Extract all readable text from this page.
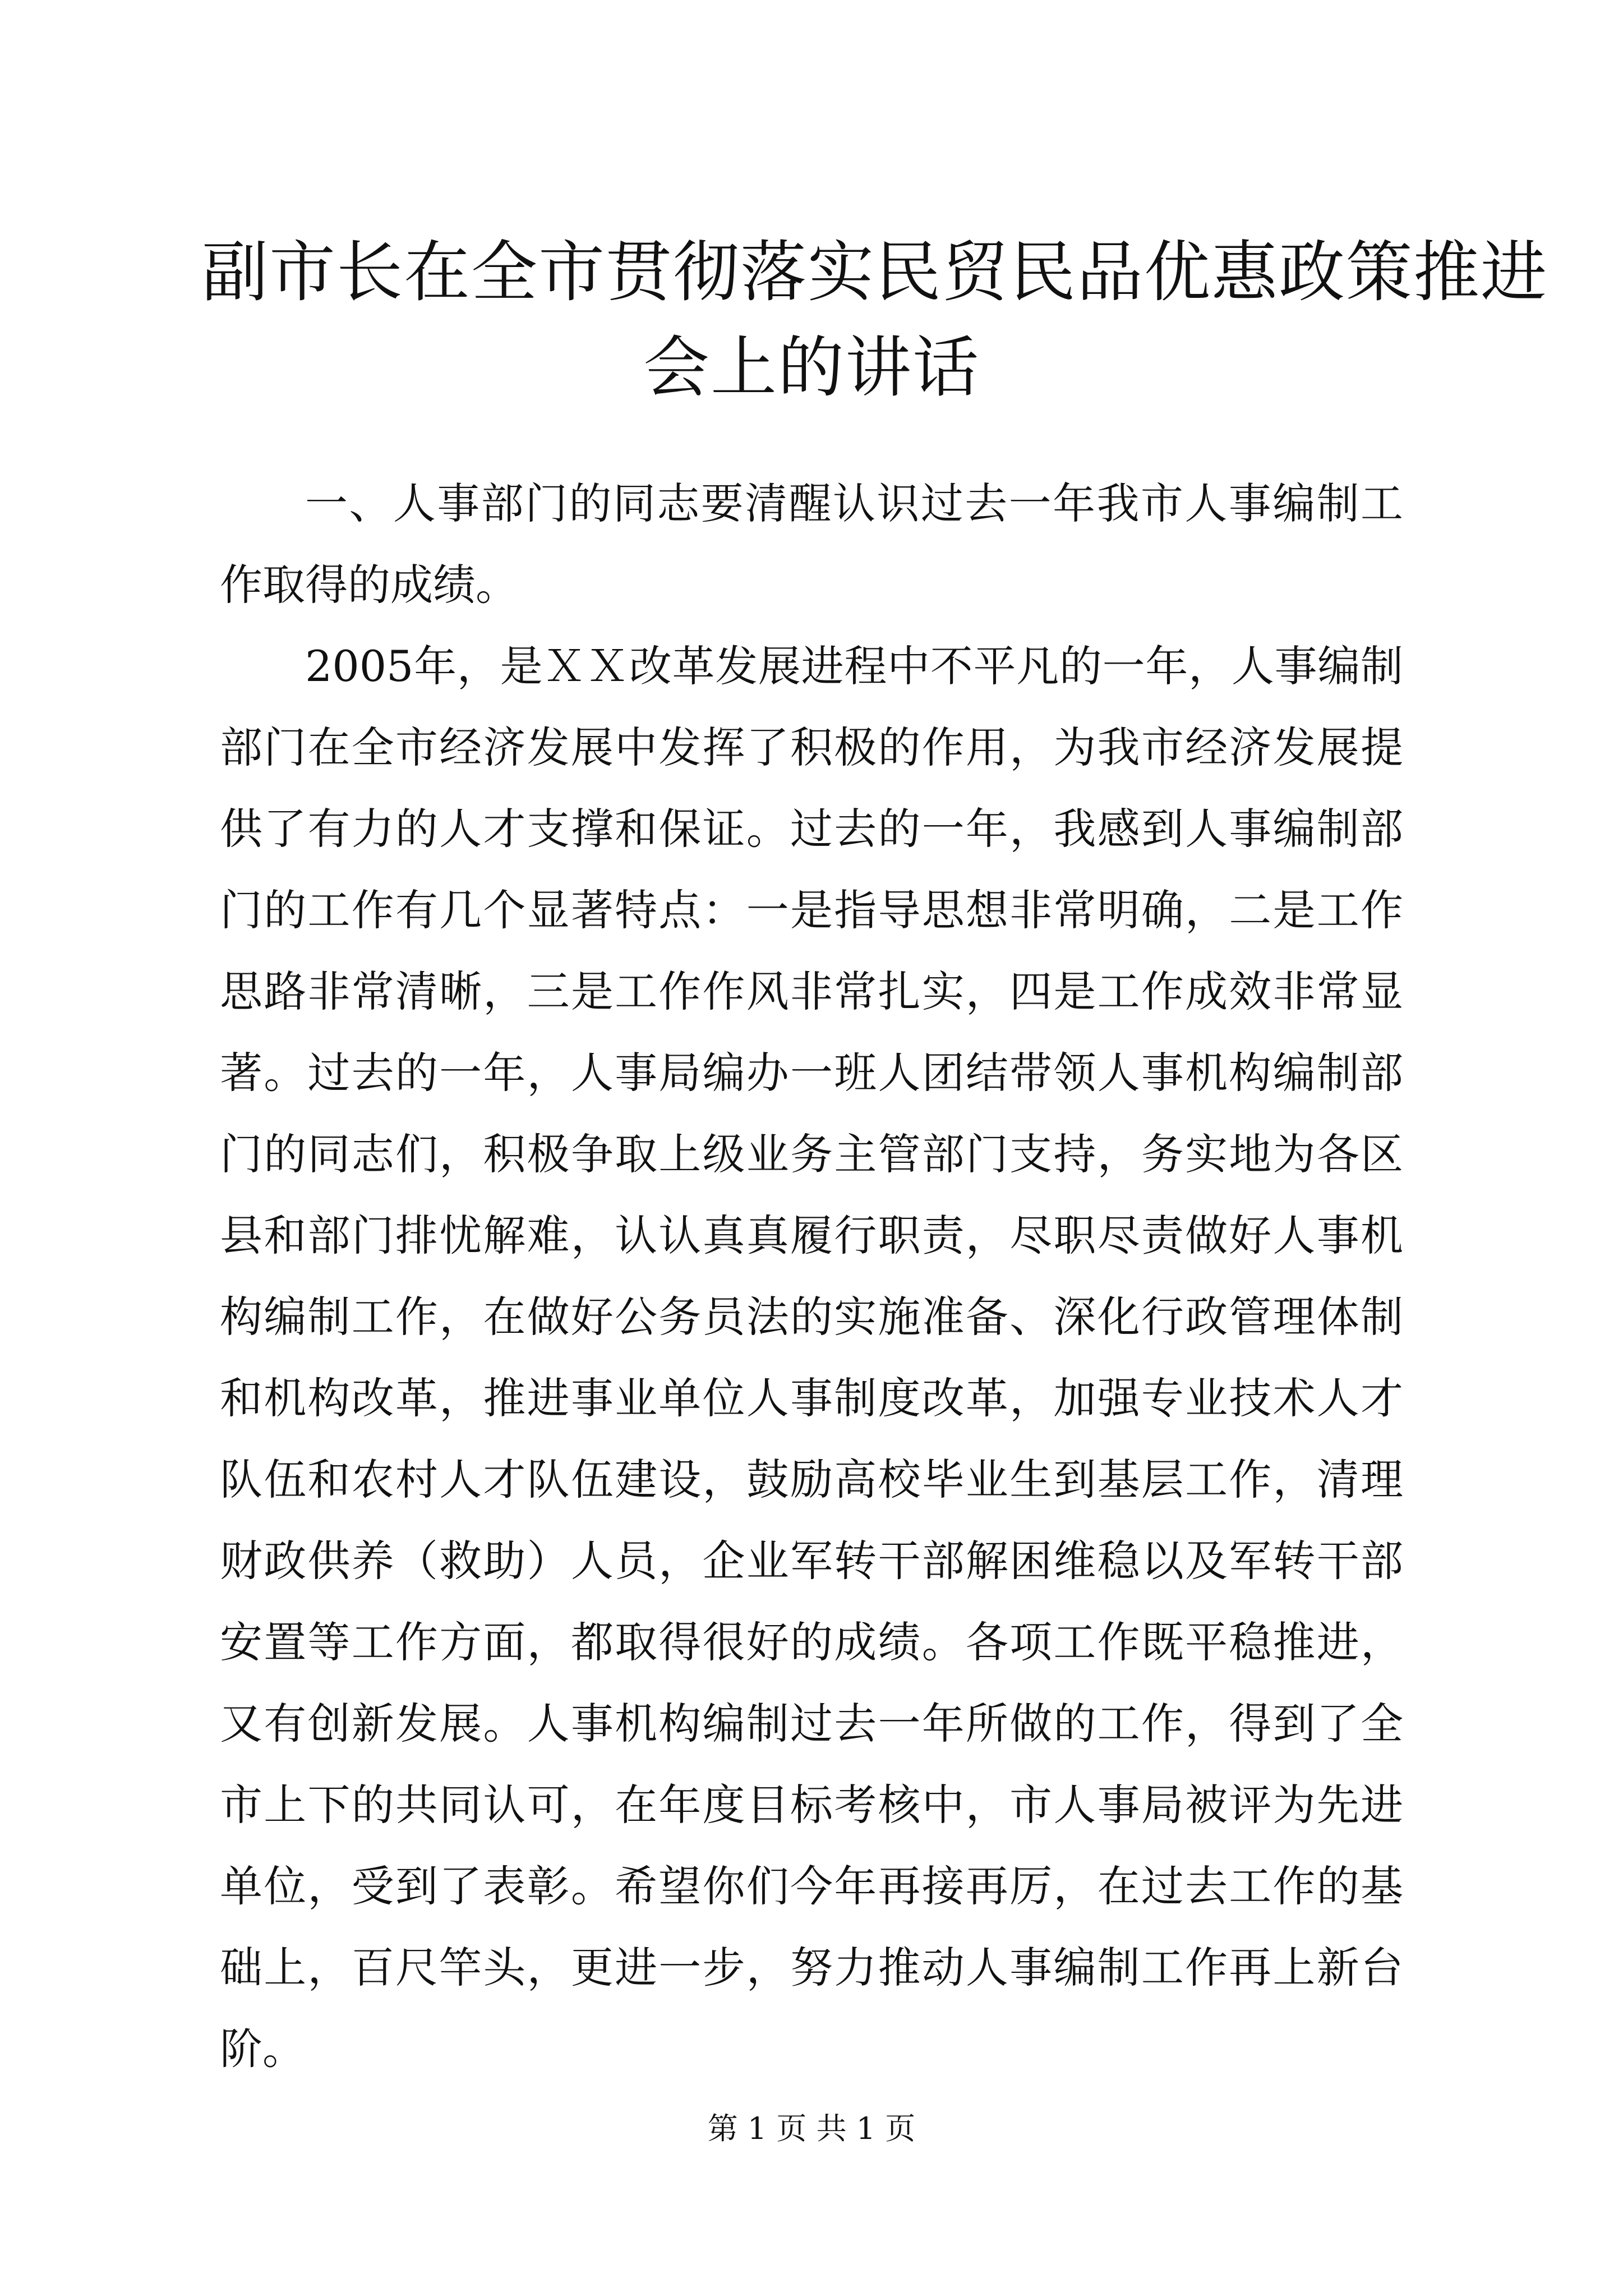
副市长在全市贯彻落实民贸民品优惠政策推进
会上的讲话

一、人事部门的同志要清醒认识过去一年我市人事编制工作取得的成绩。

2005年，是ＸＸ改革发展进程中不平凡的一年，人事编制部门在全市经济发展中发挥了积极的作用，为我市经济发展提供了有力的人才支撑和保证。过去的一年，我感到人事编制部门的工作有几个显著特点：一是指导思想非常明确，二是工作思路非常清晰，三是工作作风非常扎实，四是工作成效非常显著。过去的一年，人事局编办一班人团结带领人事机构编制部门的同志们，积极争取上级业务主管部门支持，务实地为各区县和部门排忧解难，认认真真履行职责，尽职尽责做好人事机构编制工作，在做好公务员法的实施准备、深化行政管理体制和机构改革，推进事业单位人事制度改革，加强专业技术人才队伍和农村人才队伍建设，鼓励高校毕业生到基层工作，清理财政供养（救助）人员，企业军转干部解困维稳以及军转干部安置等工作方面，都取得很好的成绩。各项工作既平稳推进，又有创新发展。人事机构编制过去一年所做的工作，得到了全市上下的共同认可，在年度目标考核中，市人事局被评为先进单位，受到了表彰。希望你们今年再接再厉，在过去工作的基础上，百尺竿头，更进一步，努力推动人事编制工作再上新台阶。

第 1 页 共 1 页
